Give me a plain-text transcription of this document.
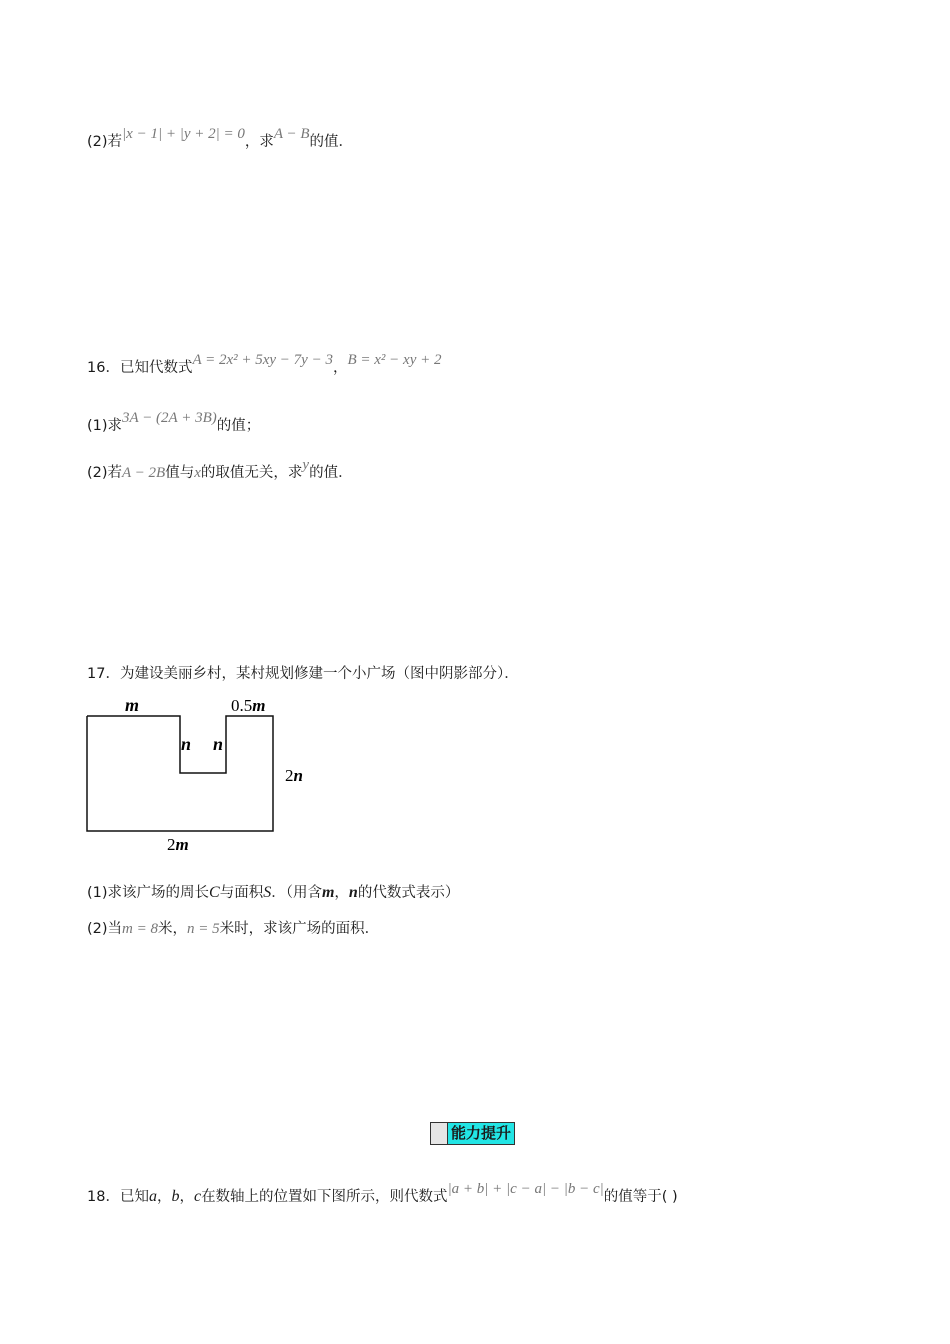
(2)若|x − 1| + |y + 2| = 0，求A − B的值．
16．已知代数式A = 2x² + 5xy − 7y − 3，B = x² − xy + 2
(1)求3A − (2A + 3B)的值；
(2)若A − 2B值与x的取值无关，求y的值．
17．为建设美丽乡村，某村规划修建一个小广场（图中阴影部分）．
m	0.5m
n n
2n
2m
(1)求该广场的周长C与面积S．（用含m，n的代数式表示）
(2)当m = 8米，n = 5米时，求该广场的面积．
能力提升
18．已知a，b，c在数轴上的位置如下图所示，则代数式|a + b| + |c − a| − |b − c|的值等于( )
